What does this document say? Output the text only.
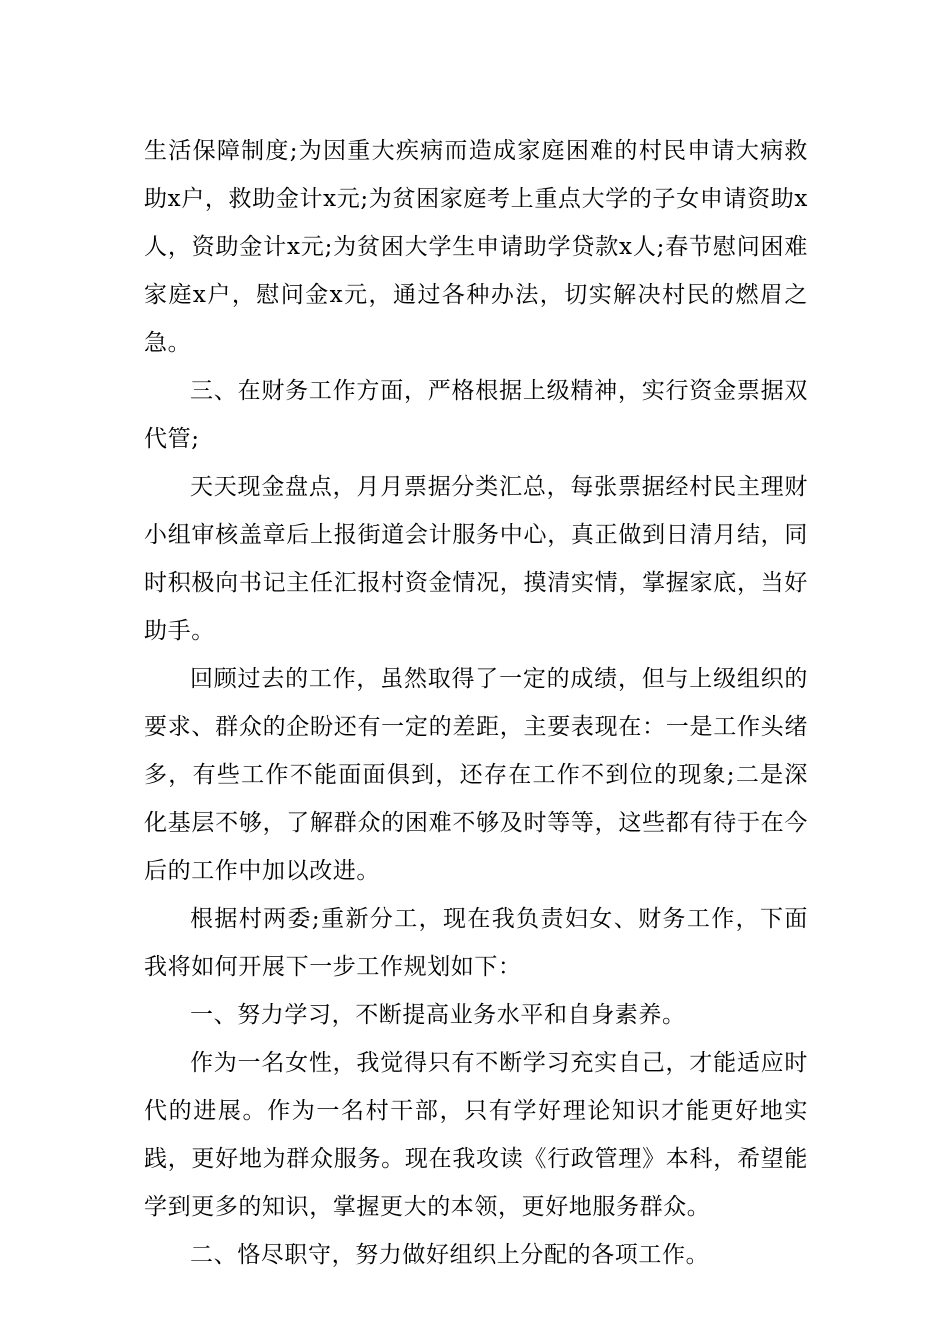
生活保障制度;为因重大疾病而造成家庭困难的村民申请大病救助x户，救助金计x元;为贫困家庭考上重点大学的子女申请资助x人，资助金计x元;为贫困大学生申请助学贷款x人;春节慰问困难家庭x户，慰问金x元，通过各种办法，切实解决村民的燃眉之急。

三、在财务工作方面，严格根据上级精神，实行资金票据双代管;

天天现金盘点，月月票据分类汇总，每张票据经村民主理财小组审核盖章后上报街道会计服务中心，真正做到日清月结，同时积极向书记主任汇报村资金情况，摸清实情，掌握家底，当好助手。

回顾过去的工作，虽然取得了一定的成绩，但与上级组织的要求、群众的企盼还有一定的差距，主要表现在：一是工作头绪多，有些工作不能面面俱到，还存在工作不到位的现象;二是深化基层不够，了解群众的困难不够及时等等，这些都有待于在今后的工作中加以改进。

根据村两委;重新分工，现在我负责妇女、财务工作，下面我将如何开展下一步工作规划如下：

一、努力学习，不断提高业务水平和自身素养。

作为一名女性，我觉得只有不断学习充实自己，才能适应时代的进展。作为一名村干部，只有学好理论知识才能更好地实践，更好地为群众服务。现在我攻读《行政管理》本科，希望能学到更多的知识，掌握更大的本领，更好地服务群众。

二、恪尽职守，努力做好组织上分配的各项工作。
